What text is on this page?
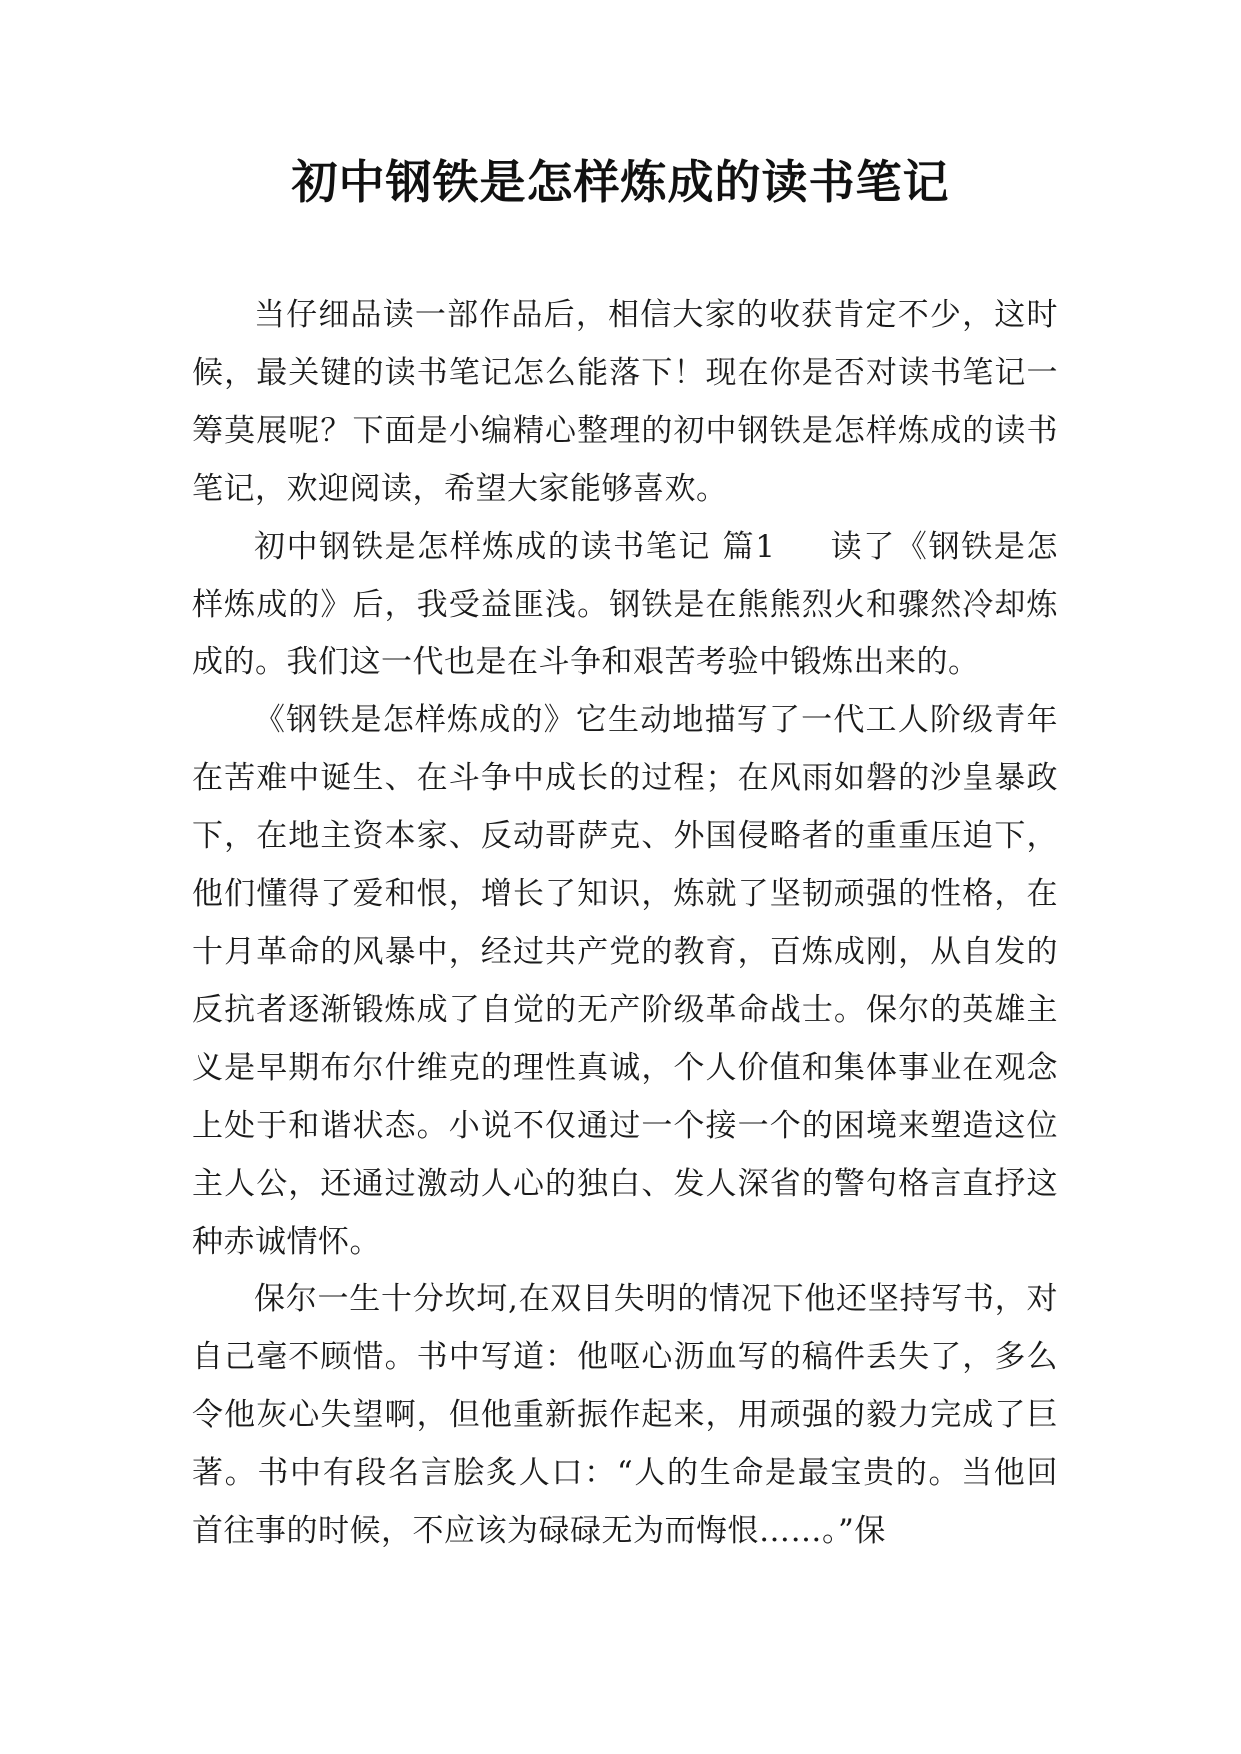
初中钢铁是怎样炼成的读书笔记

当仔细品读一部作品后，相信大家的收获肯定不少，这时候，最关键的读书笔记怎么能落下！现在你是否对读书笔记一筹莫展呢？下面是小编精心整理的初中钢铁是怎样炼成的读书笔记，欢迎阅读，希望大家能够喜欢。

初中钢铁是怎样炼成的读书笔记 篇1 读了《钢铁是怎样炼成的》后，我受益匪浅。钢铁是在熊熊烈火和骤然冷却炼成的。我们这一代也是在斗争和艰苦考验中锻炼出来的。

《钢铁是怎样炼成的》它生动地描写了一代工人阶级青年在苦难中诞生、在斗争中成长的过程；在风雨如磐的沙皇暴政下，在地主资本家、反动哥萨克、外国侵略者的重重压迫下，他们懂得了爱和恨，增长了知识，炼就了坚韧顽强的性格，在十月革命的风暴中，经过共产党的教育，百炼成刚，从自发的反抗者逐渐锻炼成了自觉的无产阶级革命战士。保尔的英雄主义是早期布尔什维克的理性真诚，个人价值和集体事业在观念上处于和谐状态。小说不仅通过一个接一个的困境来塑造这位主人公，还通过激动人心的独白、发人深省的警句格言直抒这种赤诚情怀。

保尔一生十分坎坷,在双目失明的情况下他还坚持写书，对自己毫不顾惜。书中写道：他呕心沥血写的稿件丢失了，多么令他灰心失望啊，但他重新振作起来，用顽强的毅力完成了巨著。书中有段名言脍炙人口：“人的生命是最宝贵的。当他回首往事的时候，不应该为碌碌无为而悔恨……。”保
